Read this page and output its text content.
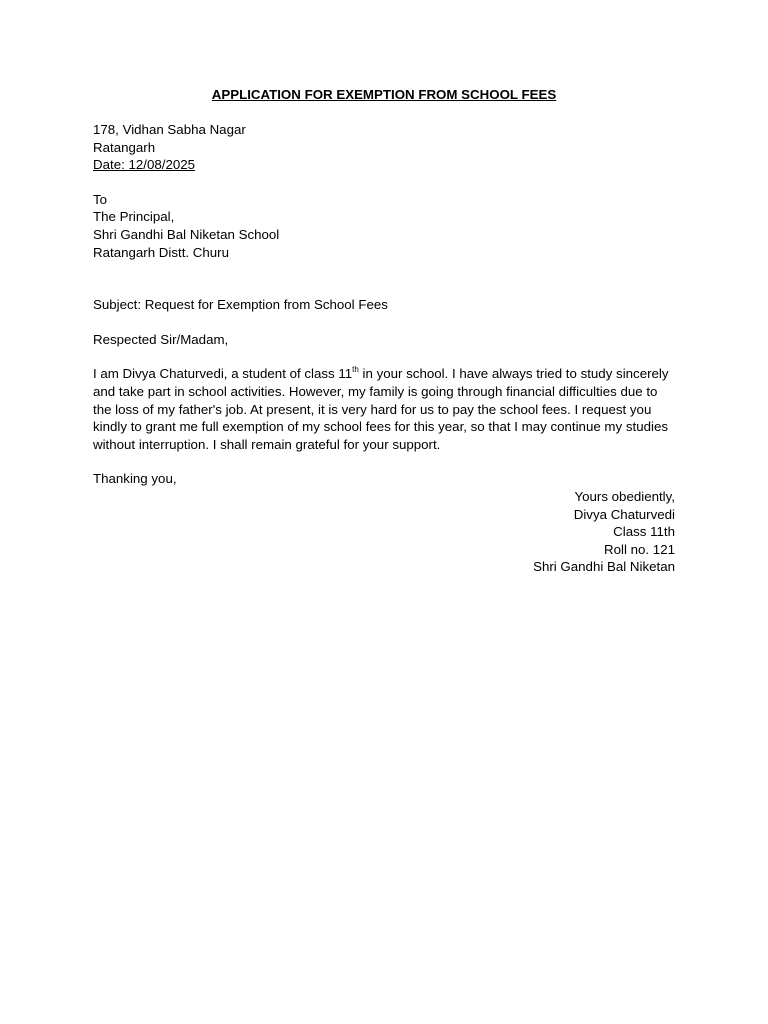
APPLICATION FOR EXEMPTION FROM SCHOOL FEES

178, Vidhan Sabha Nagar
Ratangarh
Date: 12/08/2025
To
The Principal,
Shri Gandhi Bal Niketan School
Ratangarh Distt. Churu

Subject: Request for Exemption from School Fees

Respected Sir/Madam,

I am Divya Chaturvedi, a student of class 11th in your school. I have always tried to study sincerely and take part in school activities. However, my family is going through financial difficulties due to the loss of my father's job. At present, it is very hard for us to pay the school fees. I request you kindly to grant me full exemption of my school fees for this year, so that I may continue my studies without interruption. I shall remain grateful for your support.

Thanking you,

Yours obediently,
Divya Chaturvedi
Class 11th
Roll no. 121
Shri Gandhi Bal Niketan
